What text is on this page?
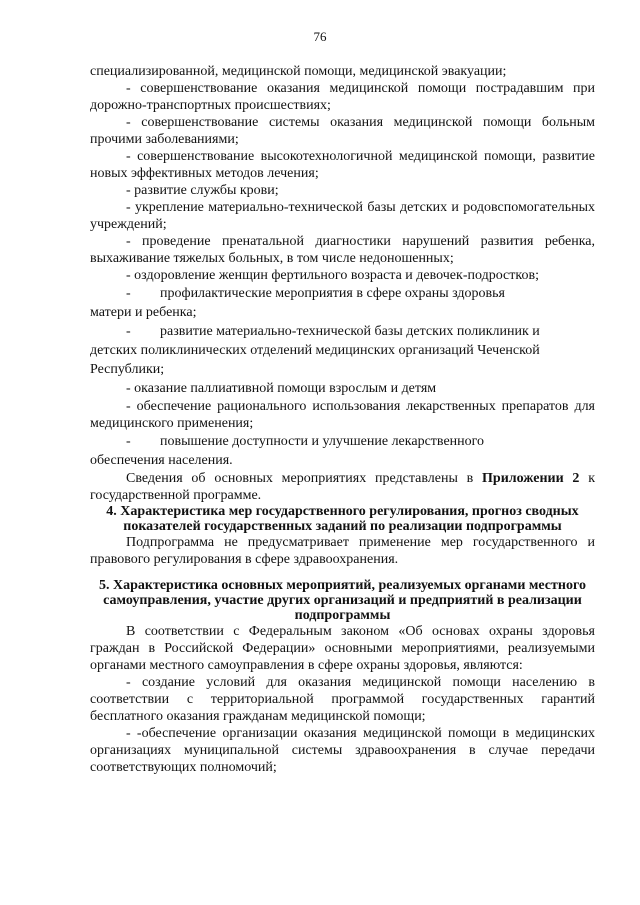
76

специализированной, медицинской помощи, медицинской эвакуации;

- совершенствование оказания медицинской помощи пострадавшим при дорожно-транспортных происшествиях;

- совершенствование системы оказания медицинской помощи больным прочими заболеваниями;

- совершенствование высокотехнологичной медицинской помощи, развитие новых эффективных методов лечения;

- развитие службы крови;

- укрепление материально-технической базы детских и родовспомогательных учреждений;

- проведение пренатальной диагностики нарушений развития ребенка, выхаживание тяжелых больных, в том числе недоношенных;

- оздоровление женщин фертильного возраста и девочек-подростков;

-	профилактические мероприятия в сфере охраны здоровья
матери и ребенка;
-	развитие материально-технической базы детских поликлиник и
детских поликлинических отделений медицинских организаций Чеченской Республики;

- оказание паллиативной помощи взрослым и детям

- обеспечение рационального использования лекарственных препаратов для медицинского применения;

-	повышение доступности и улучшение лекарственного
обеспечения населения.

Сведения об основных мероприятиях представлены в Приложении 2 к государственной программе.

4. Характеристика мер государственного регулирования, прогноз сводных показателей государственных заданий по реализации подпрограммы

Подпрограмма не предусматривает применение мер государственного и правового регулирования в сфере здравоохранения.

5. Характеристика основных мероприятий, реализуемых органами местного самоуправления, участие других организаций и предприятий в реализации подпрограммы

В соответствии с Федеральным законом «Об основах охраны здоровья граждан в Российской Федерации» основными мероприятиями, реализуемыми органами местного самоуправления в сфере охраны здоровья, являются:

- создание условий для оказания медицинской помощи населению в соответствии с территориальной программой государственных гарантий бесплатного оказания гражданам медицинской помощи;

- -обеспечение организации оказания медицинской помощи в медицинских организациях муниципальной системы здравоохранения в случае передачи соответствующих полномочий;
